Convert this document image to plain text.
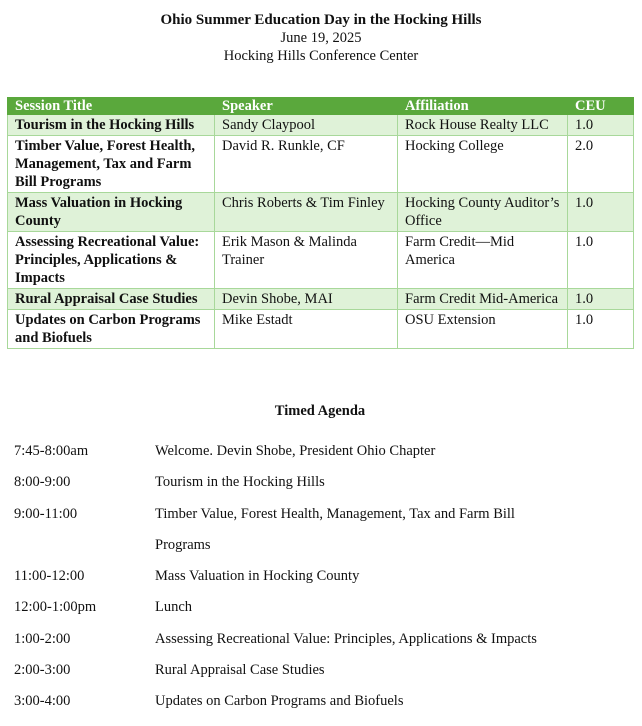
Ohio Summer Education Day in the Hocking Hills
June 19, 2025
Hocking Hills Conference Center
Session Title	Speaker	Affiliation	CEU
Tourism in the Hocking Hills	Sandy Claypool	Rock House Realty LLC	1.0
Timber Value, Forest Health, Management, Tax and Farm Bill Programs	David R. Runkle, CF	Hocking College	2.0
Mass Valuation in Hocking County	Chris Roberts & Tim Finley	Hocking County Auditor’s Office	1.0
Assessing Recreational Value: Principles, Applications & Impacts	Erik Mason & Malinda Trainer	Farm Credit—Mid America	1.0
Rural Appraisal Case Studies	Devin Shobe, MAI	Farm Credit Mid-America	1.0
Updates on Carbon Programs and Biofuels	Mike Estadt	OSU Extension	1.0
Timed Agenda
7:45-8:00am	Welcome. Devin Shobe, President Ohio Chapter
8:00-9:00	Tourism in the Hocking Hills
9:00-11:00	Timber Value, Forest Health, Management, Tax and Farm Bill
Programs
11:00-12:00	Mass Valuation in Hocking County
12:00-1:00pm	Lunch
1:00-2:00	Assessing Recreational Value: Principles, Applications & Impacts
2:00-3:00	Rural Appraisal Case Studies
3:00-4:00	Updates on Carbon Programs and Biofuels
